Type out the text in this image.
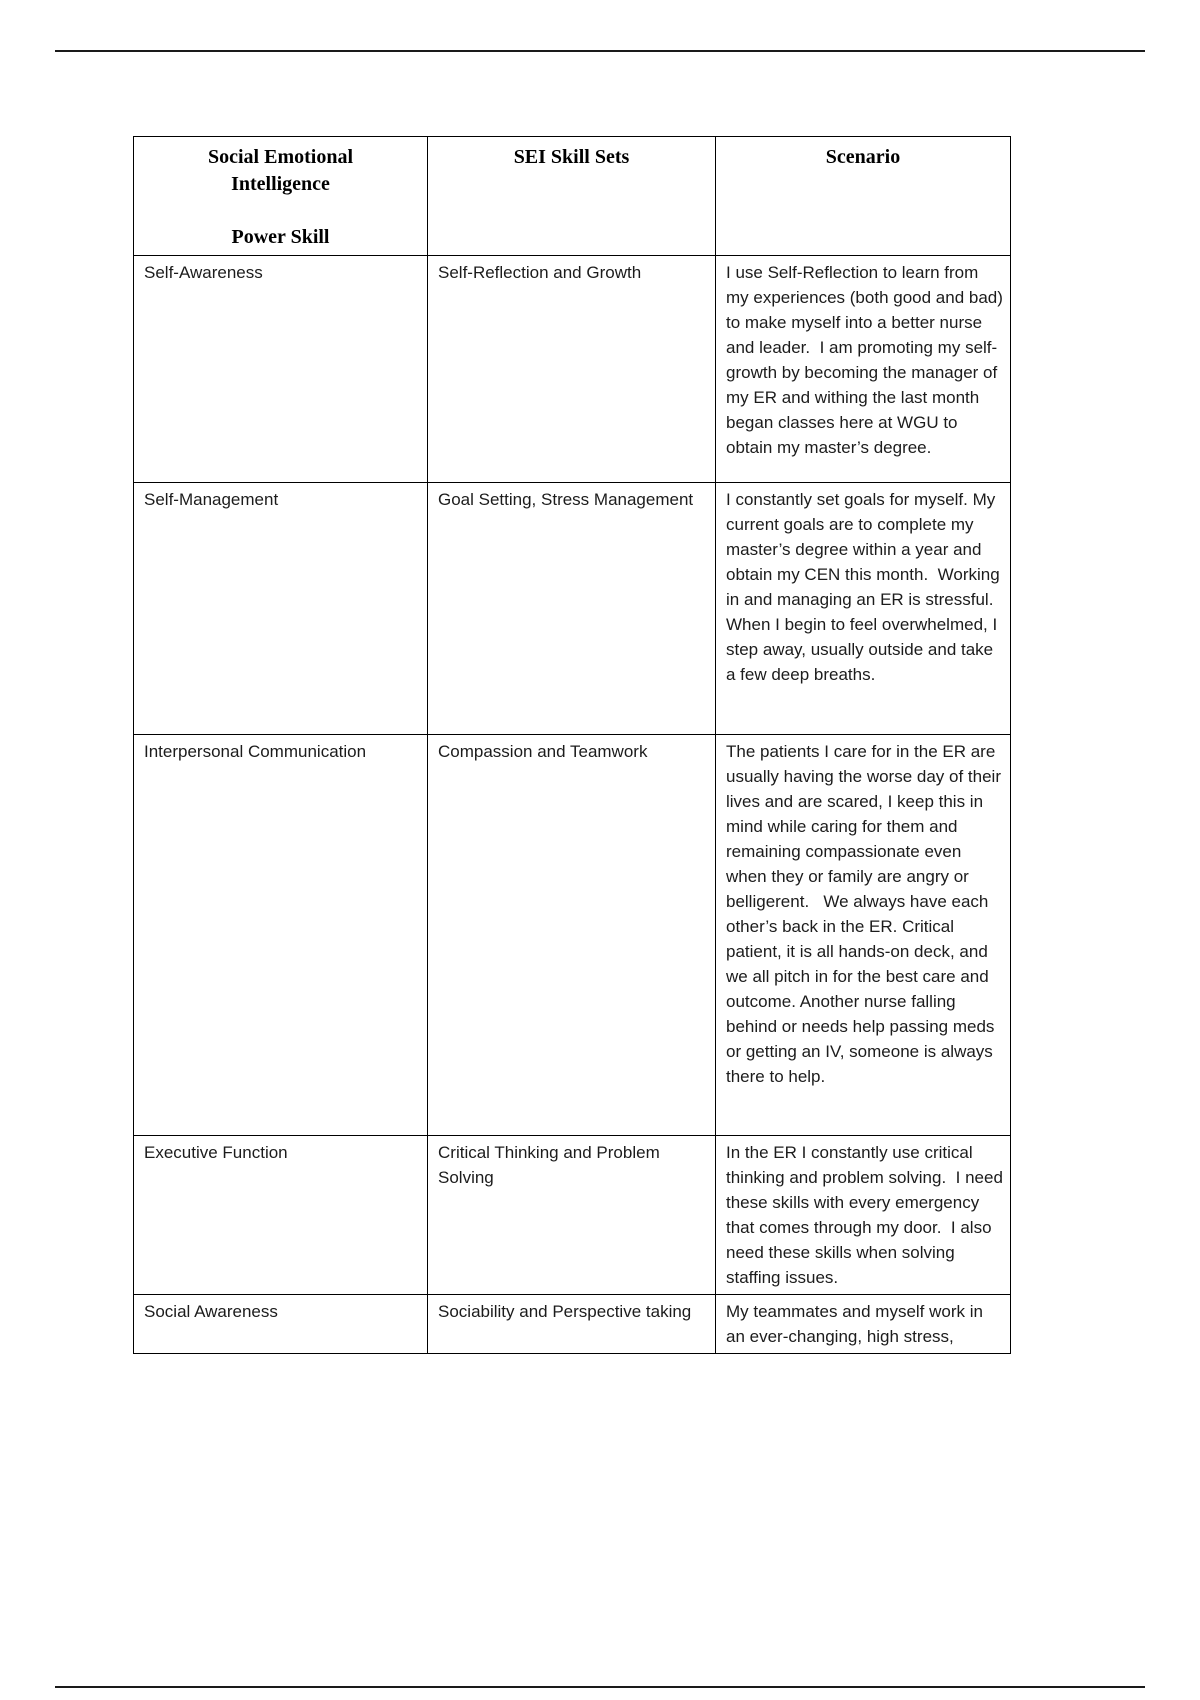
Social Emotional Intelligence
Power Skill	SEI Skill Sets	Scenario
Self-Awareness	Self-Reflection and Growth	I use Self-Reflection to learn from my experiences (both good and bad) to make myself into a better nurse and leader.  I am promoting my self-growth by becoming the manager of my ER and withing the last month began classes here at WGU to obtain my master’s degree.
Self-Management	Goal Setting, Stress Management	I constantly set goals for myself. My current goals are to complete my master’s degree within a year and obtain my CEN this month.  Working in and managing an ER is stressful. When I begin to feel overwhelmed, I step away, usually outside and take a few deep breaths.
Interpersonal Communication	Compassion and Teamwork	The patients I care for in the ER are usually having the worse day of their lives and are scared, I keep this in mind while caring for them and remaining compassionate even when they or family are angry or belligerent.   We always have each other’s back in the ER. Critical patient, it is all hands-on deck, and we all pitch in for the best care and outcome. Another nurse falling behind or needs help passing meds or getting an IV, someone is always there to help.
Executive Function	Critical Thinking and Problem Solving	In the ER I constantly use critical thinking and problem solving.  I need these skills with every emergency that comes through my door.  I also need these skills when solving staffing issues.
Social Awareness	Sociability and Perspective taking	My teammates and myself work in an ever-changing, high stress,
